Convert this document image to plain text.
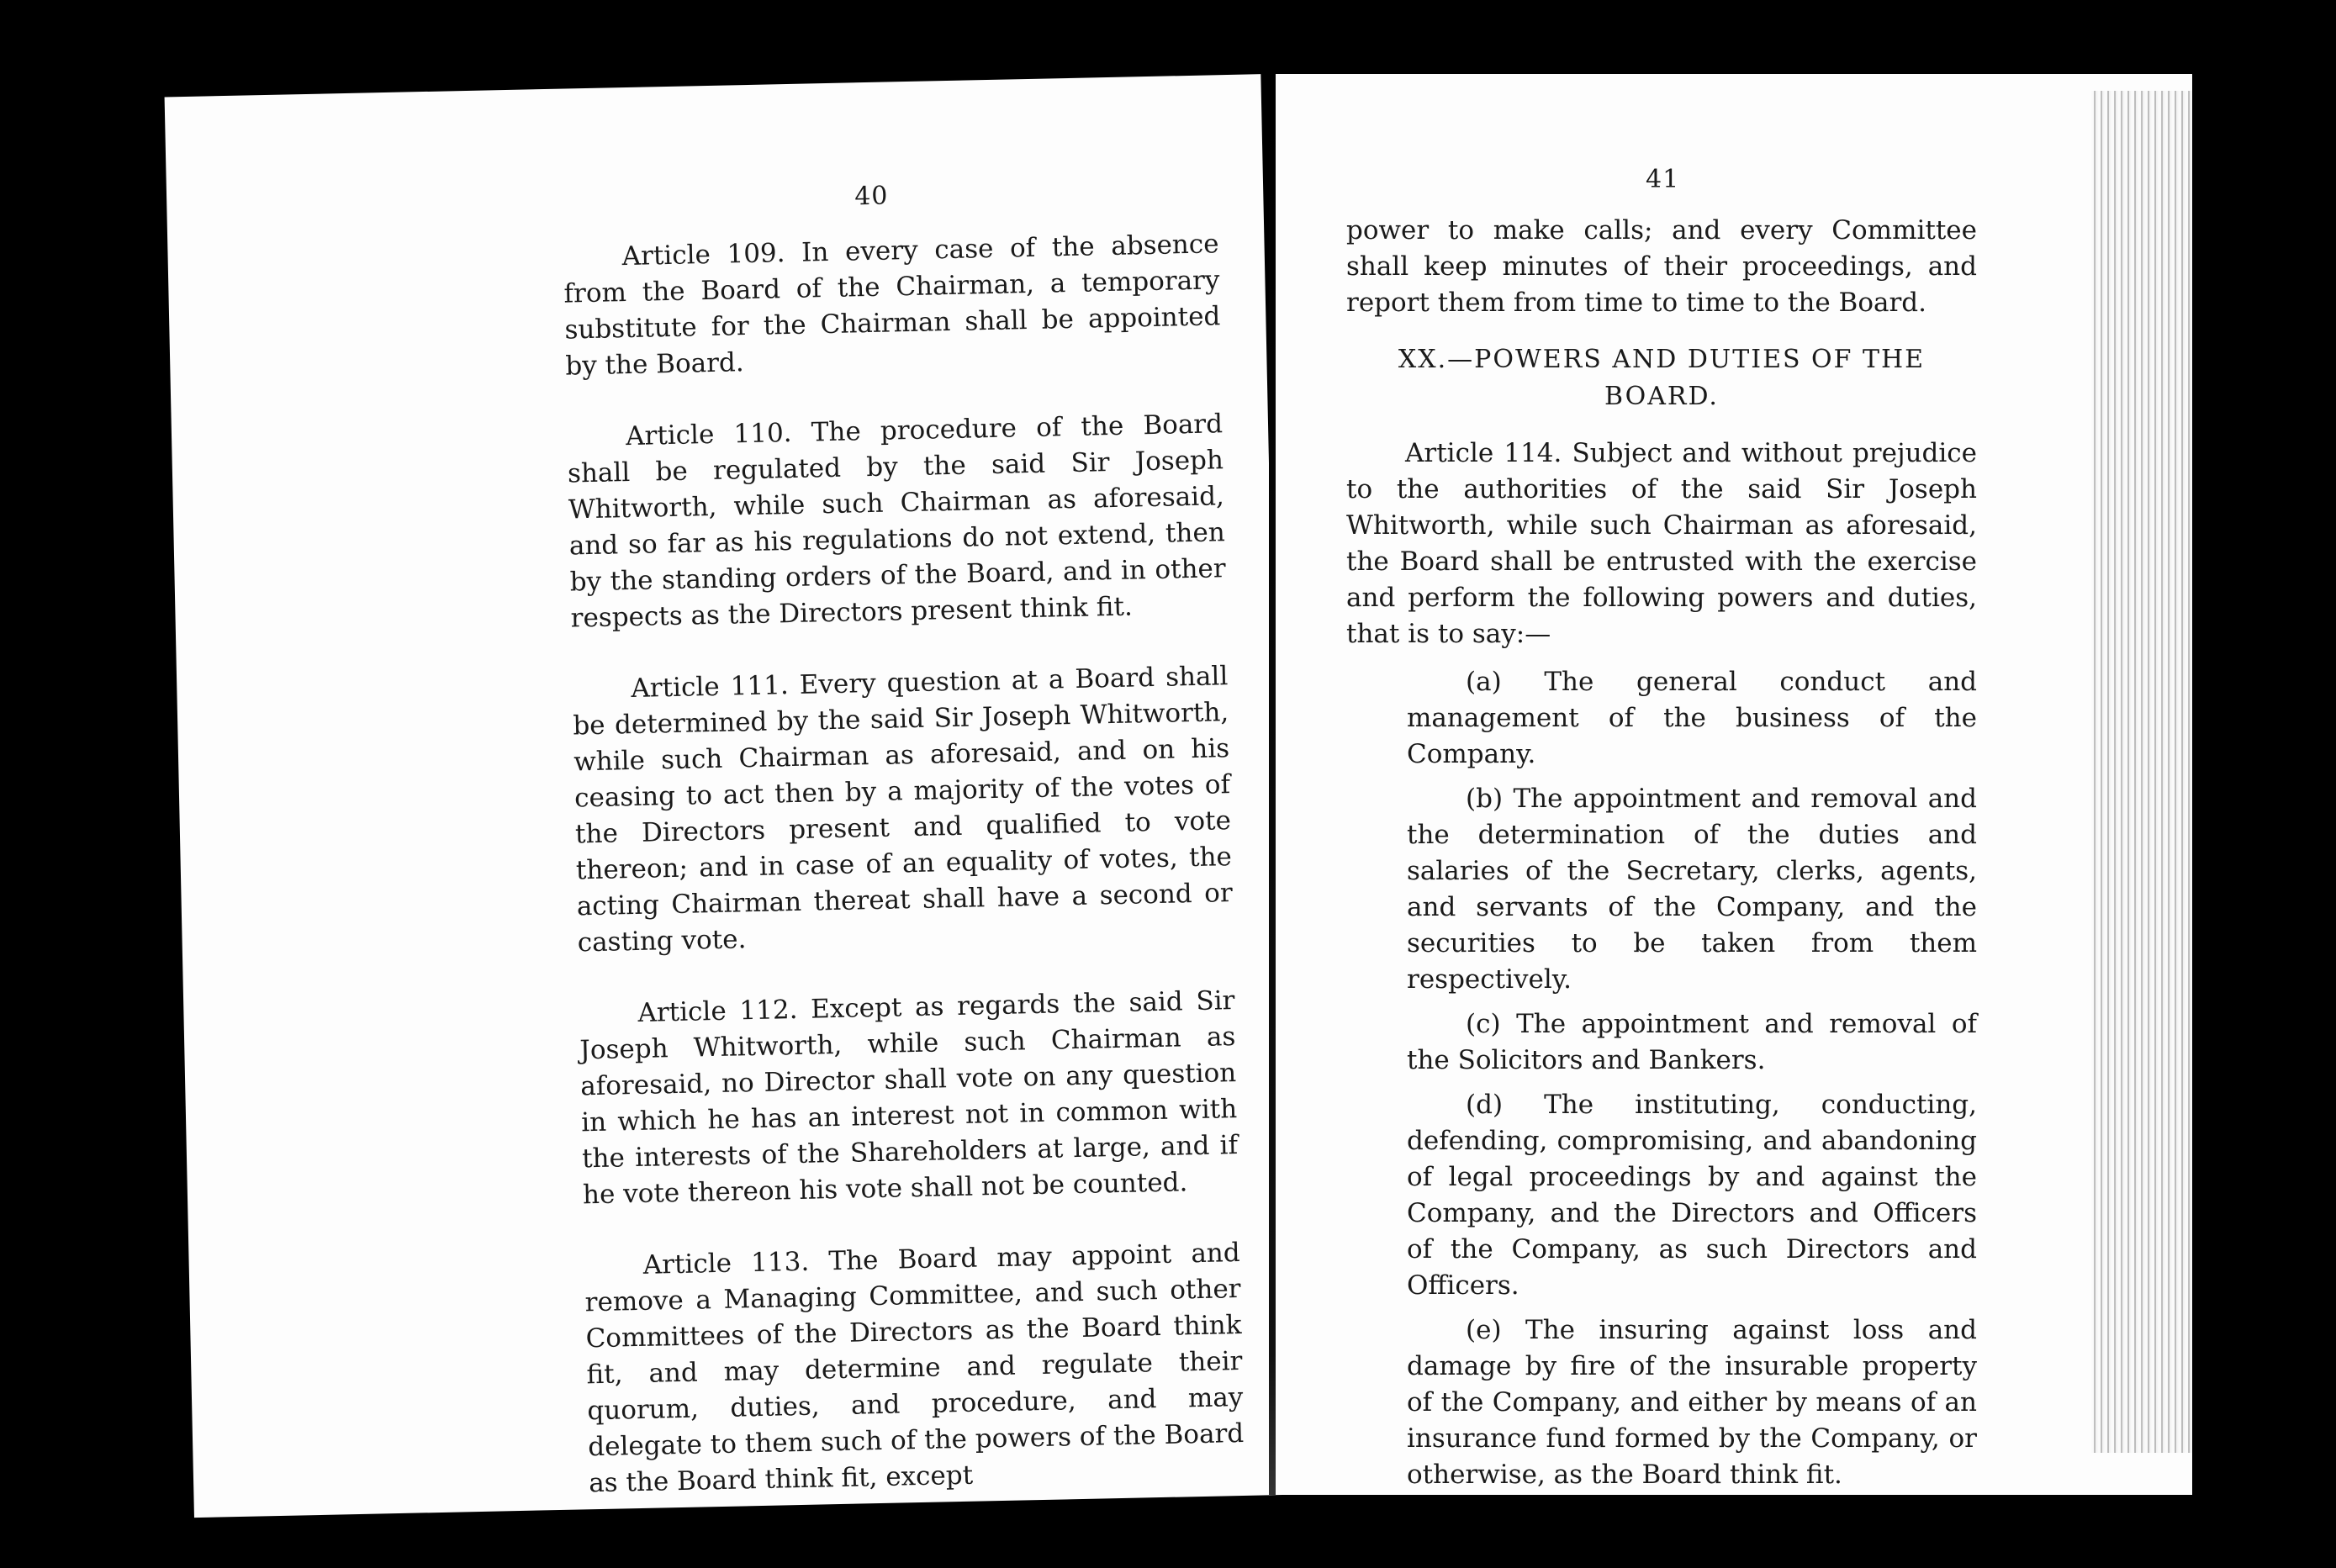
40

Article 109. In every case of the absence from the Board of the Chairman, a temporary substitute for the Chairman shall be appointed by the Board.

Article 110. The procedure of the Board shall be regulated by the said Sir Joseph Whitworth, while such Chairman as aforesaid, and so far as his regulations do not extend, then by the standing orders of the Board, and in other respects as the Directors present think fit.

Article 111. Every question at a Board shall be determined by the said Sir Joseph Whitworth, while such Chairman as aforesaid, and on his ceasing to act then by a majority of the votes of the Directors present and qualified to vote thereon; and in case of an equality of votes, the acting Chairman thereat shall have a second or casting vote.

Article 112. Except as regards the said Sir Joseph Whitworth, while such Chairman as aforesaid, no Director shall vote on any question in which he has an interest not in common with the interests of the Shareholders at large, and if he vote thereon his vote shall not be counted.

Article 113. The Board may appoint and remove a Managing Committee, and such other Committees of the Directors as the Board think fit, and may determine and regulate their quorum, duties, and procedure, and may delegate to them such of the powers of the Board as the Board think fit, except

41

power to make calls; and every Committee shall keep minutes of their proceedings, and report them from time to time to the Board.

XX.—POWERS AND DUTIES OF THE BOARD.

Article 114. Subject and without prejudice to the authorities of the said Sir Joseph Whitworth, while such Chairman as aforesaid, the Board shall be entrusted with the exercise and perform the following powers and duties, that is to say:—

(a) The general conduct and management of the business of the Company.

(b) The appointment and removal and the determination of the duties and salaries of the Secretary, clerks, agents, and servants of the Company, and the securities to be taken from them respectively.

(c) The appointment and removal of the Solicitors and Bankers.

(d) The instituting, conducting, defending, compromising, and abandoning of legal proceedings by and against the Company, and the Directors and Officers of the Company, as such Directors and Officers.

(e) The insuring against loss and damage by fire of the insurable property of the Company, and either by means of an insurance fund formed by the Company, or otherwise, as the Board think fit.
